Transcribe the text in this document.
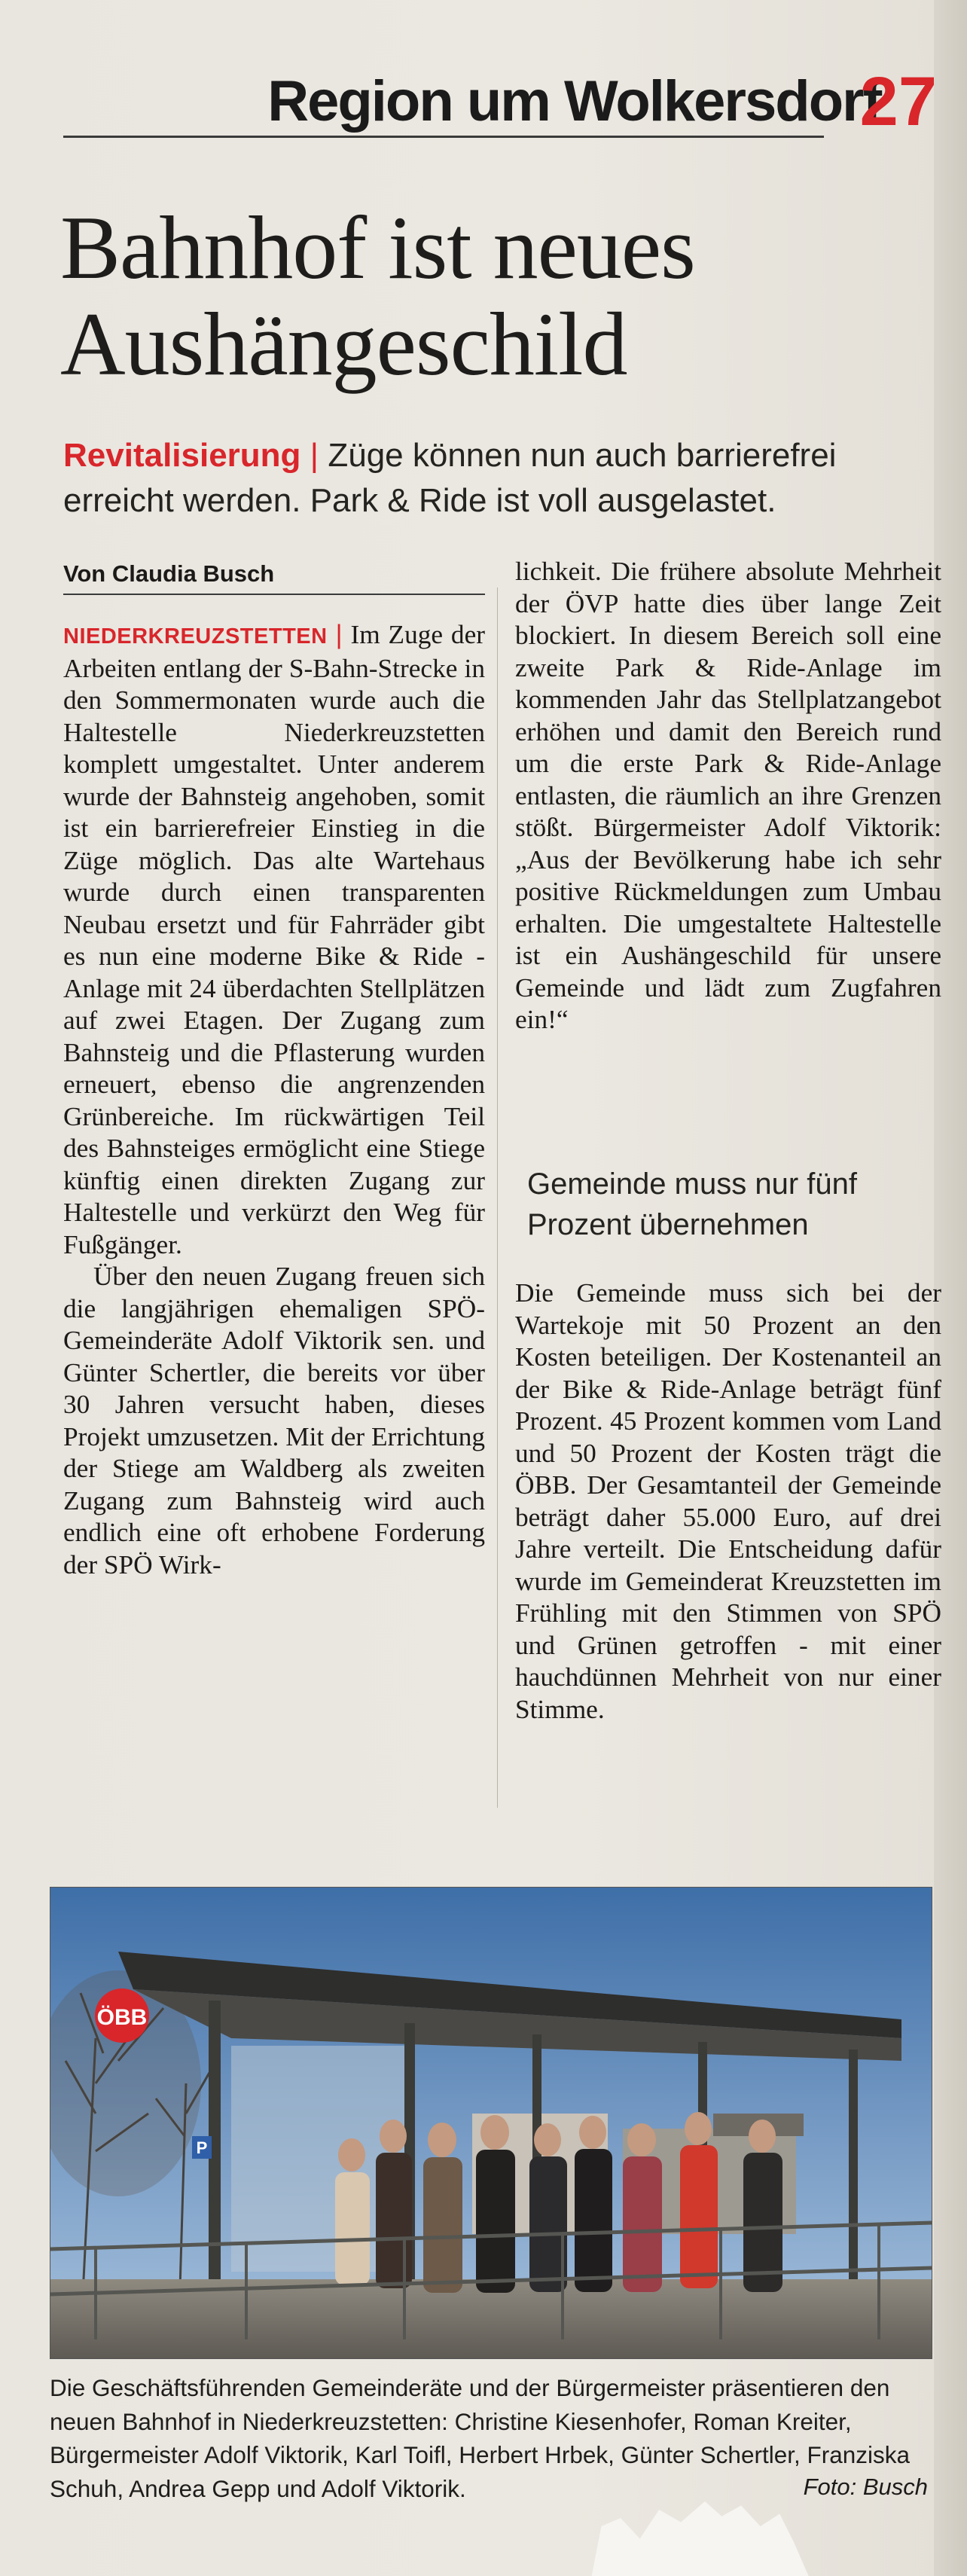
Region um Wolkersdorf
27
Bahnhof ist neues
Aushängeschild
Revitalisierung | Züge können nun auch barrierefrei erreicht werden. Park & Ride ist voll ausgelastet.
Von Claudia Busch

NIEDERKREUZSTETTEN | Im Zuge der Arbeiten entlang der S-Bahn-Strecke in den Sommermonaten wurde auch die Haltestelle Niederkreuzstetten komplett umgestaltet. Unter anderem wurde der Bahnsteig angehoben, somit ist ein barrierefreier Einstieg in die Züge möglich. Das alte Wartehaus wurde durch einen transparenten Neubau ersetzt und für Fahrräder gibt es nun eine moderne Bike & Ride - Anlage mit 24 überdachten Stellplätzen auf zwei Etagen. Der Zugang zum Bahnsteig und die Pflasterung wurden erneuert, ebenso die angrenzenden Grünbereiche. Im rückwärtigen Teil des Bahnsteiges ermöglicht eine Stiege künftig einen direkten Zugang zur Haltestelle und verkürzt den Weg für Fußgänger.

Über den neuen Zugang freuen sich die langjährigen ehemaligen SPÖ-Gemeinderäte Adolf Viktorik sen. und Günter Schertler, die bereits vor über 30 Jahren versucht haben, dieses Projekt umzusetzen. Mit der Errichtung der Stiege am Waldberg als zweiten Zugang zum Bahnsteig wird auch endlich eine oft erhobene Forderung der SPÖ Wirk-

lichkeit. Die frühere absolute Mehrheit der ÖVP hatte dies über lange Zeit blockiert. In diesem Bereich soll eine zweite Park & Ride-Anlage im kommenden Jahr das Stellplatzangebot erhöhen und damit den Bereich rund um die erste Park & Ride-Anlage entlasten, die räumlich an ihre Grenzen stößt. Bürgermeister Adolf Viktorik: „Aus der Bevölkerung habe ich sehr positive Rückmeldungen zum Umbau erhalten. Die umgestaltete Haltestelle ist ein Aushängeschild für unsere Gemeinde und lädt zum Zugfahren ein!“

Gemeinde muss nur fünf Prozent übernehmen

Die Gemeinde muss sich bei der Wartekoje mit 50 Prozent an den Kosten beteiligen. Der Kostenanteil an der Bike & Ride-Anlage beträgt fünf Prozent. 45 Prozent kommen vom Land und 50 Prozent der Kosten trägt die ÖBB. Der Gesamtanteil der Gemeinde beträgt daher 55.000 Euro, auf drei Jahre verteilt. Die Entscheidung dafür wurde im Gemeinderat Kreuzstetten im Frühling mit den Stimmen von SPÖ und Grünen getroffen - mit einer hauchdünnen Mehrheit von nur einer Stimme.

ÖBB
P
Die Geschäftsführenden Gemeinderäte und der Bürgermeister präsentieren den neuen Bahnhof in Niederkreuzstetten: Christine Kiesenhofer, Roman Kreiter, Bürgermeister Adolf Viktorik, Karl Toifl, Herbert Hrbek, Günter Schertler, Franziska Schuh, Andrea Gepp und Adolf Viktorik.	Foto: Busch
